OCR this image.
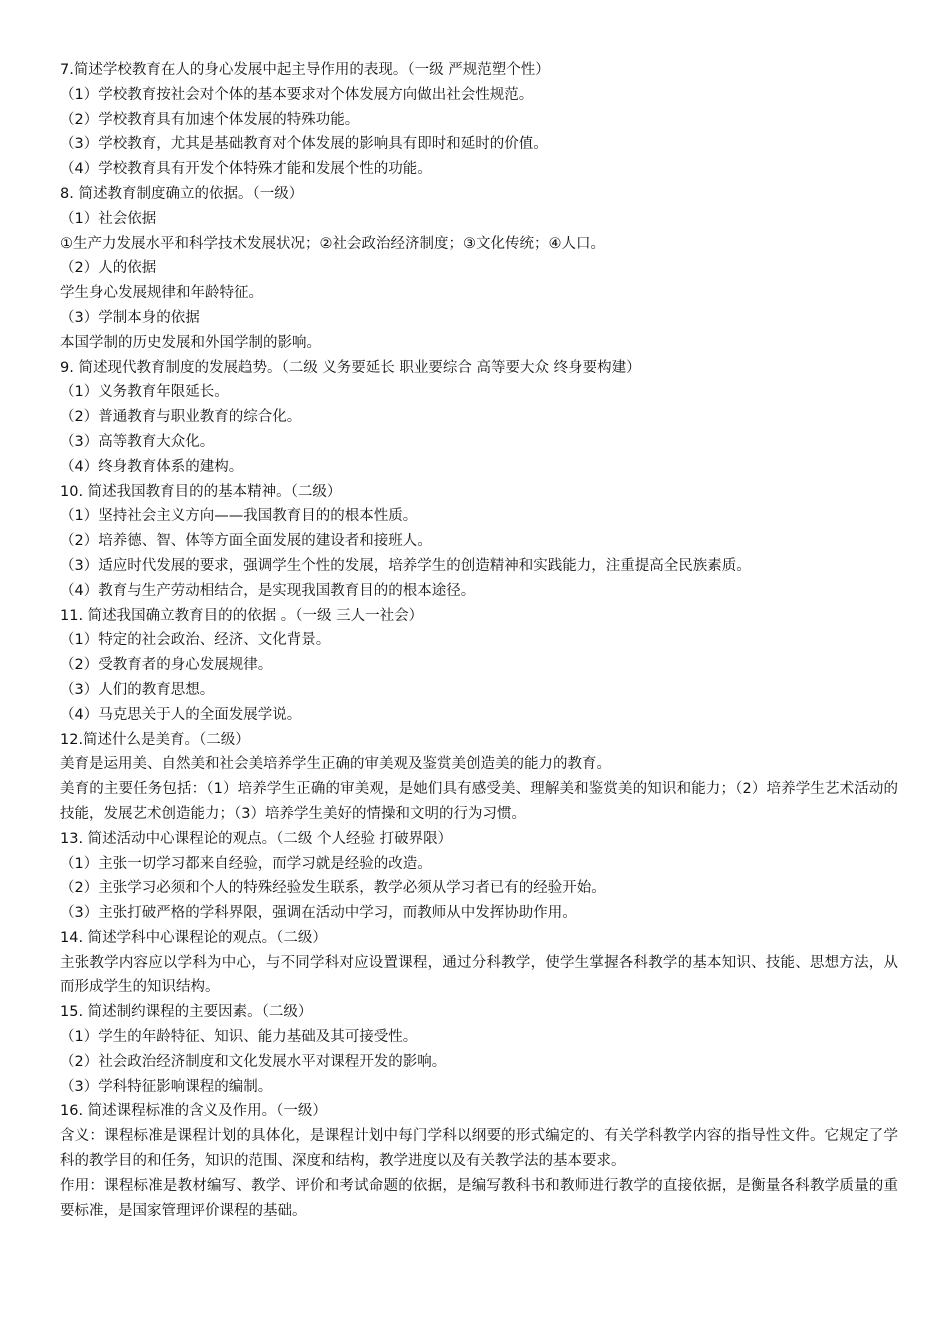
7.简述学校教育在人的身心发展中起主导作用的表现。（一级 严规范塑个性）
（1）学校教育按社会对个体的基本要求对个体发展方向做出社会性规范。
（2）学校教育具有加速个体发展的特殊功能。
（3）学校教育，尤其是基础教育对个体发展的影响具有即时和延时的价值。
（4）学校教育具有开发个体特殊才能和发展个性的功能。
8. 简述教育制度确立的依据。（一级）
（1）社会依据
①生产力发展水平和科学技术发展状况；②社会政治经济制度；③文化传统；④人口。
（2）人的依据
学生身心发展规律和年龄特征。
（3）学制本身的依据
本国学制的历史发展和外国学制的影响。
9. 简述现代教育制度的发展趋势。（二级 义务要延长 职业要综合 高等要大众 终身要构建）
（1）义务教育年限延长。
（2）普通教育与职业教育的综合化。
（3）高等教育大众化。
（4）终身教育体系的建构。
10. 简述我国教育目的的基本精神。（二级）
（1）坚持社会主义方向——我国教育目的的根本性质。
（2）培养德、智、体等方面全面发展的建设者和接班人。
（3）适应时代发展的要求，强调学生个性的发展，培养学生的创造精神和实践能力，注重提高全民族素质。
（4）教育与生产劳动相结合，是实现我国教育目的的根本途径。
11. 简述我国确立教育目的的依据 。（一级 三人一社会）
（1）特定的社会政治、经济、文化背景。
（2）受教育者的身心发展规律。
（3）人们的教育思想。
（4）马克思关于人的全面发展学说。
12.简述什么是美育。（二级）
美育是运用美、自然美和社会美培养学生正确的审美观及鉴赏美创造美的能力的教育。
美育的主要任务包括：（1）培养学生正确的审美观，是她们具有感受美、理解美和鉴赏美的知识和能力；（2）培养学生艺术活动的技能，发展艺术创造能力；（3）培养学生美好的情操和文明的行为习惯。
13. 简述活动中心课程论的观点。（二级 个人经验 打破界限）
（1）主张一切学习都来自经验，而学习就是经验的改造。
（2）主张学习必须和个人的特殊经验发生联系，教学必须从学习者已有的经验开始。
（3）主张打破严格的学科界限，强调在活动中学习，而教师从中发挥协助作用。
14. 简述学科中心课程论的观点。（二级）
主张教学内容应以学科为中心，与不同学科对应设置课程，通过分科教学，使学生掌握各科教学的基本知识、技能、思想方法，从而形成学生的知识结构。
15. 简述制约课程的主要因素。（二级）
（1）学生的年龄特征、知识、能力基础及其可接受性。
（2）社会政治经济制度和文化发展水平对课程开发的影响。
（3）学科特征影响课程的编制。
16. 简述课程标准的含义及作用。（一级）
含义：课程标准是课程计划的具体化，是课程计划中每门学科以纲要的形式编定的、有关学科教学内容的指导性文件。它规定了学科的教学目的和任务，知识的范围、深度和结构，教学进度以及有关教学法的基本要求。
作用：课程标准是教材编写、教学、评价和考试命题的依据，是编写教科书和教师进行教学的直接依据，是衡量各科教学质量的重要标准，是国家管理评价课程的基础。
